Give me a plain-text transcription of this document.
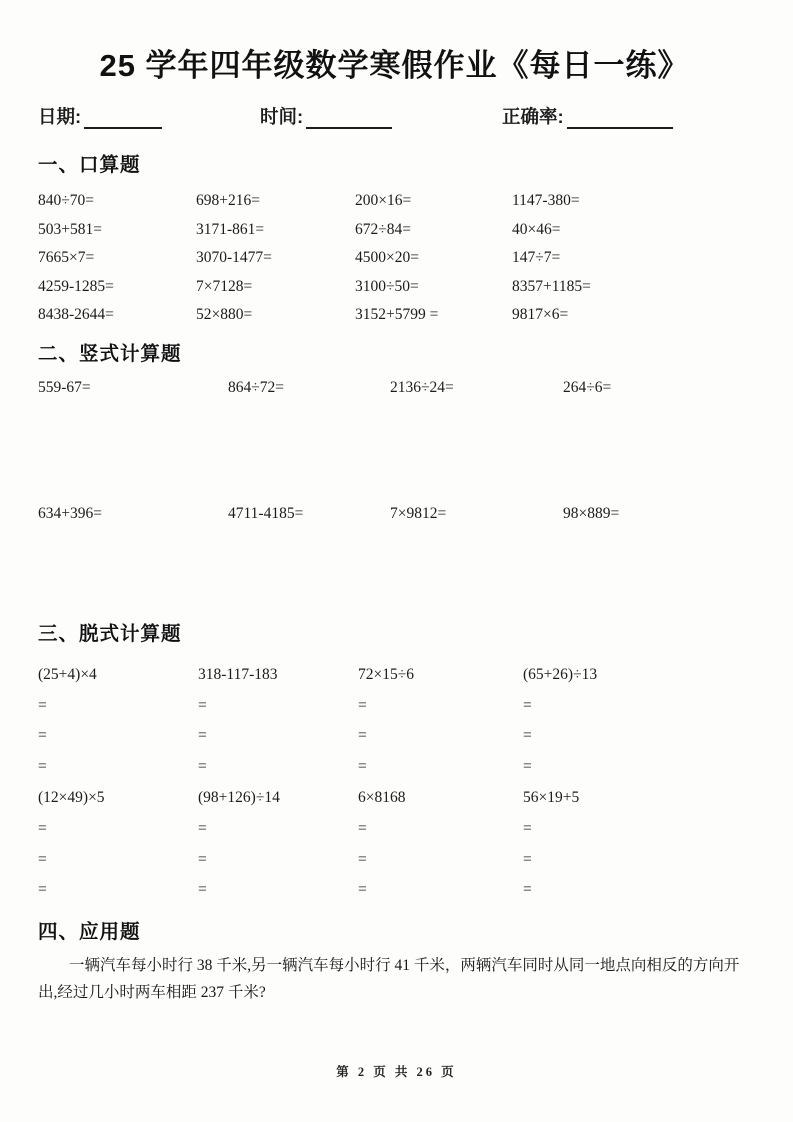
25 学年四年级数学寒假作业《每日一练》
日期:	时间:	正确率:
一、口算题
840÷70=	698+216=	200×16=	1147-380=
503+581=	3171-861=	672÷84=	40×46=
7665×7=	3070-1477=	4500×20=	147÷7=
4259-1285=	7×7128=	3100÷50=	8357+1185=
8438-2644=	52×880=	3152+5799 =	9817×6=
二、竖式计算题
559-67=	864÷72=	2136÷24=	264÷6=
634+396=	4711-4185=	7×9812=	98×889=
三、脱式计算题
(25+4)×4	318-117-183	72×15÷6	(65+26)÷13
=	=	=	=
=	=	=	=
=	=	=	=
(12×49)×5	(98+126)÷14	6×8168	56×19+5
=	=	=	=
=	=	=	=
=	=	=	=
四、应用题

一辆汽车每小时行 38 千米,另一辆汽车每小时行 41 千米，两辆汽车同时从同一地点向相反的方向开出,经过几小时两车相距 237 千米?

第 2 页 共 26 页
